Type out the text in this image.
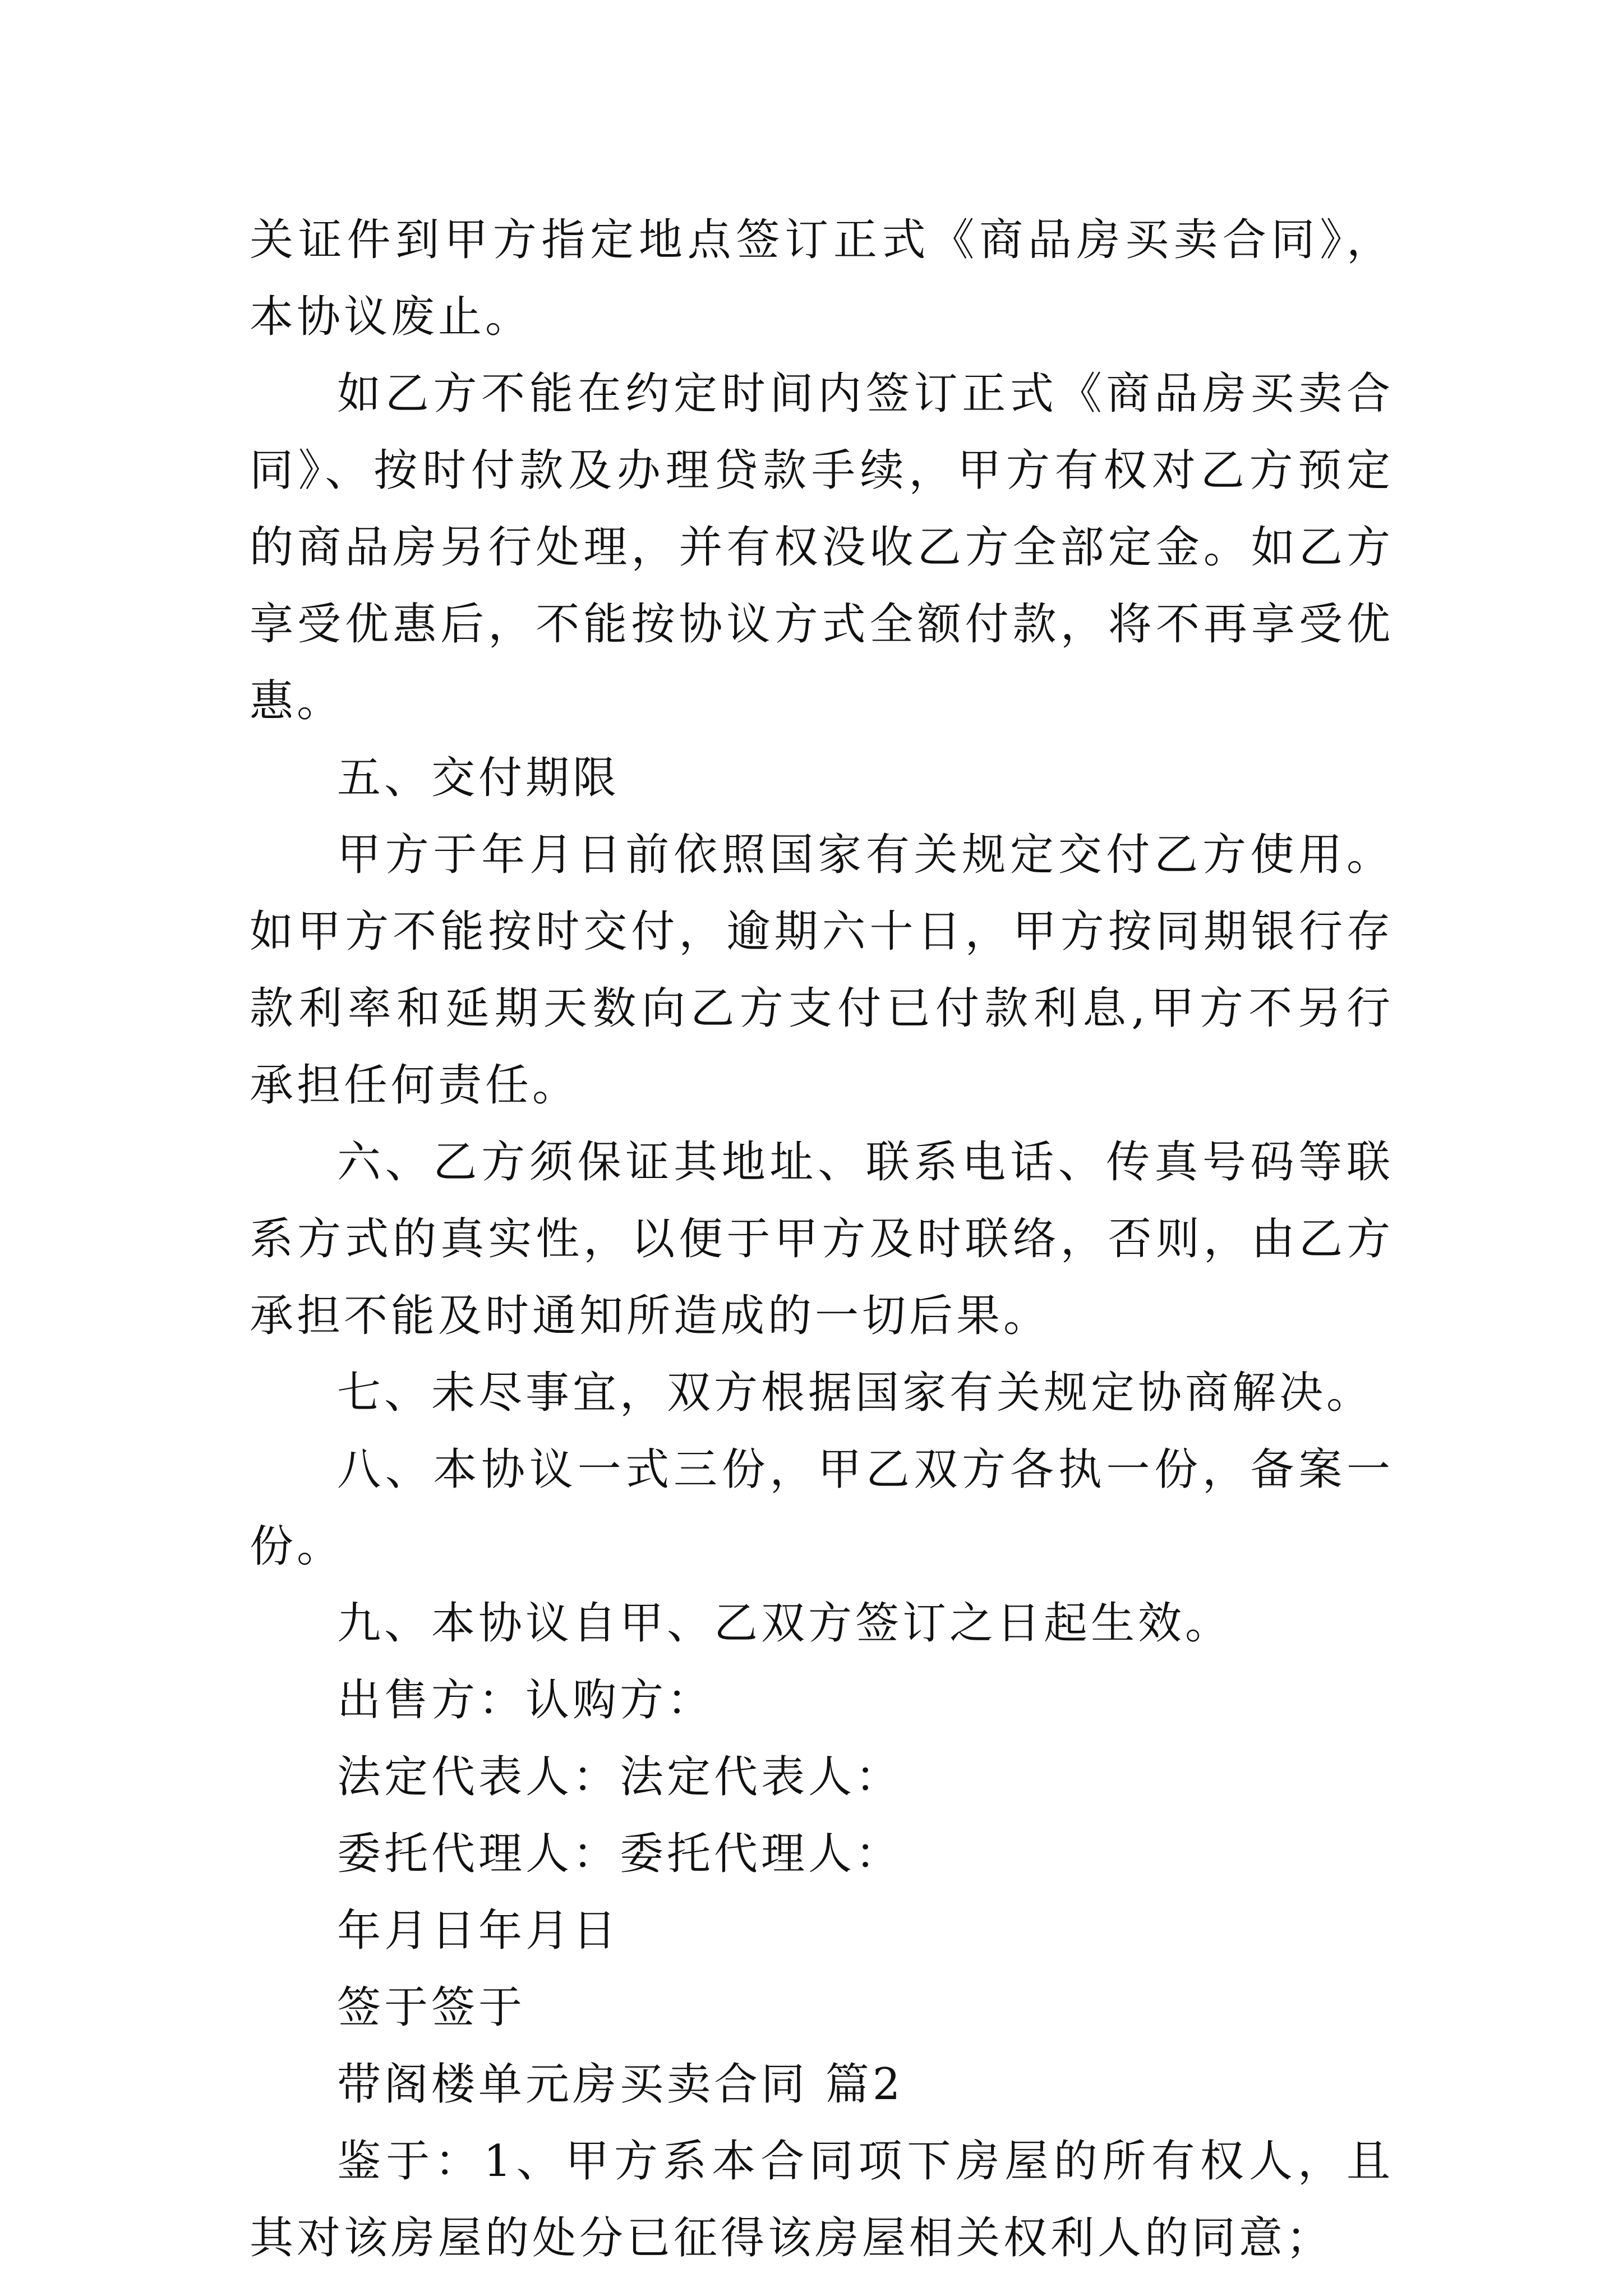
关证件到甲方指定地点签订正式《商品房买卖合同》，本协议废止。

如乙方不能在约定时间内签订正式《商品房买卖合同》、按时付款及办理贷款手续，甲方有权对乙方预定的商品房另行处理，并有权没收乙方全部定金。如乙方享受优惠后，不能按协议方式全额付款，将不再享受优惠。

五、交付期限

甲方于年月日前依照国家有关规定交付乙方使用。如甲方不能按时交付，逾期六十日，甲方按同期银行存款利率和延期天数向乙方支付已付款利息,甲方不另行承担任何责任。

六、乙方须保证其地址、联系电话、传真号码等联系方式的真实性，以便于甲方及时联络，否则，由乙方承担不能及时通知所造成的一切后果。

七、未尽事宜，双方根据国家有关规定协商解决。

八、本协议一式三份，甲乙双方各执一份，备案一份。

九、本协议自甲、乙双方签订之日起生效。

出售方：认购方：

法定代表人：法定代表人：

委托代理人：委托代理人：

年月日年月日

签于签于

带阁楼单元房买卖合同 篇2

鉴于：1、甲方系本合同项下房屋的所有权人，且其对该房屋的处分已征得该房屋相关权利人的同意；
